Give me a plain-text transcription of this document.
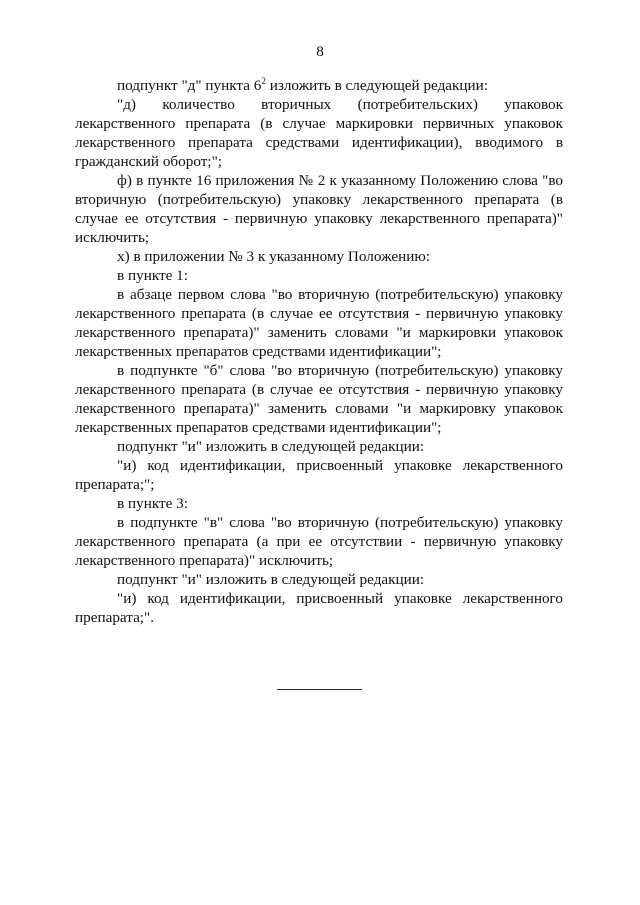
8

подпункт "д" пункта $6^2$ изложить в следующей редакции:

"д) количество вторичных (потребительских) упаковок лекарственного препарата (в случае маркировки первичных упаковок лекарственного препарата средствами идентификации), вводимого в гражданский оборот;";

ф) в пункте 16 приложения № 2 к указанному Положению слова "во вторичную (потребительскую) упаковку лекарственного препарата (в случае ее отсутствия - первичную упаковку лекарственного препарата)" исключить;

х) в приложении № 3 к указанному Положению:

в пункте 1:

в абзаце первом слова "во вторичную (потребительскую) упаковку лекарственного препарата (в случае ее отсутствия - первичную упаковку лекарственного препарата)" заменить словами "и маркировки упаковок лекарственных препаратов средствами идентификации";

в подпункте "б" слова "во вторичную (потребительскую) упаковку лекарственного препарата (в случае ее отсутствия - первичную упаковку лекарственного препарата)" заменить словами "и маркировку упаковок лекарственных препаратов средствами идентификации";

подпункт "и" изложить в следующей редакции:

"и) код идентификации, присвоенный упаковке лекарственного препарата;";

в пункте 3:

в подпункте "в" слова "во вторичную (потребительскую) упаковку лекарственного препарата (а при ее отсутствии - первичную упаковку лекарственного препарата)" исключить;

подпункт "и" изложить в следующей редакции:

"и) код идентификации, присвоенный упаковке лекарственного препарата;".
